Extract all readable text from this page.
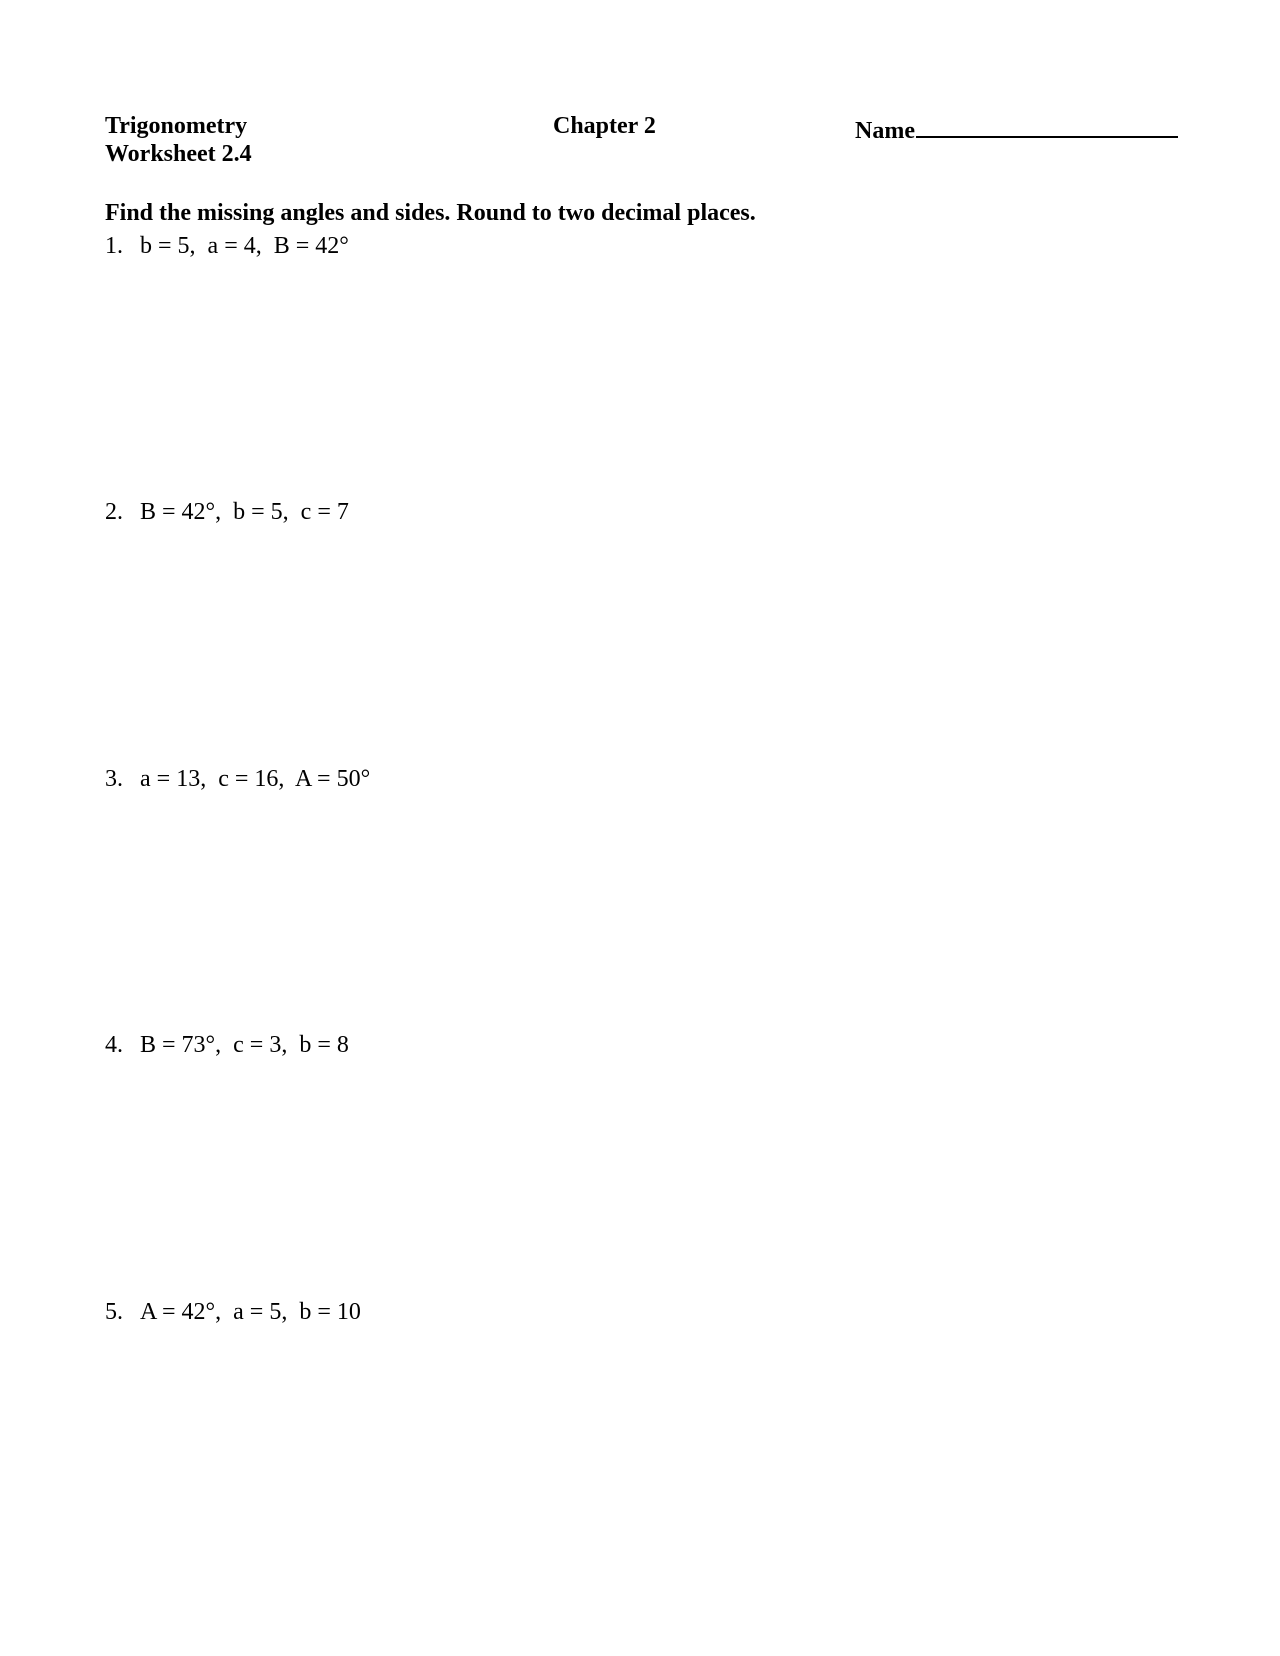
Trigonometry
Worksheet 2.4
Chapter 2	Name
Find the missing angles and sides. Round to two decimal places.
1. b = 5,  a = 4,  B = 42°
2. B = 42°,  b = 5,  c = 7
3. a = 13,  c = 16,  A = 50°
4. B = 73°,  c = 3,  b = 8
5. A = 42°,  a = 5,  b = 10
